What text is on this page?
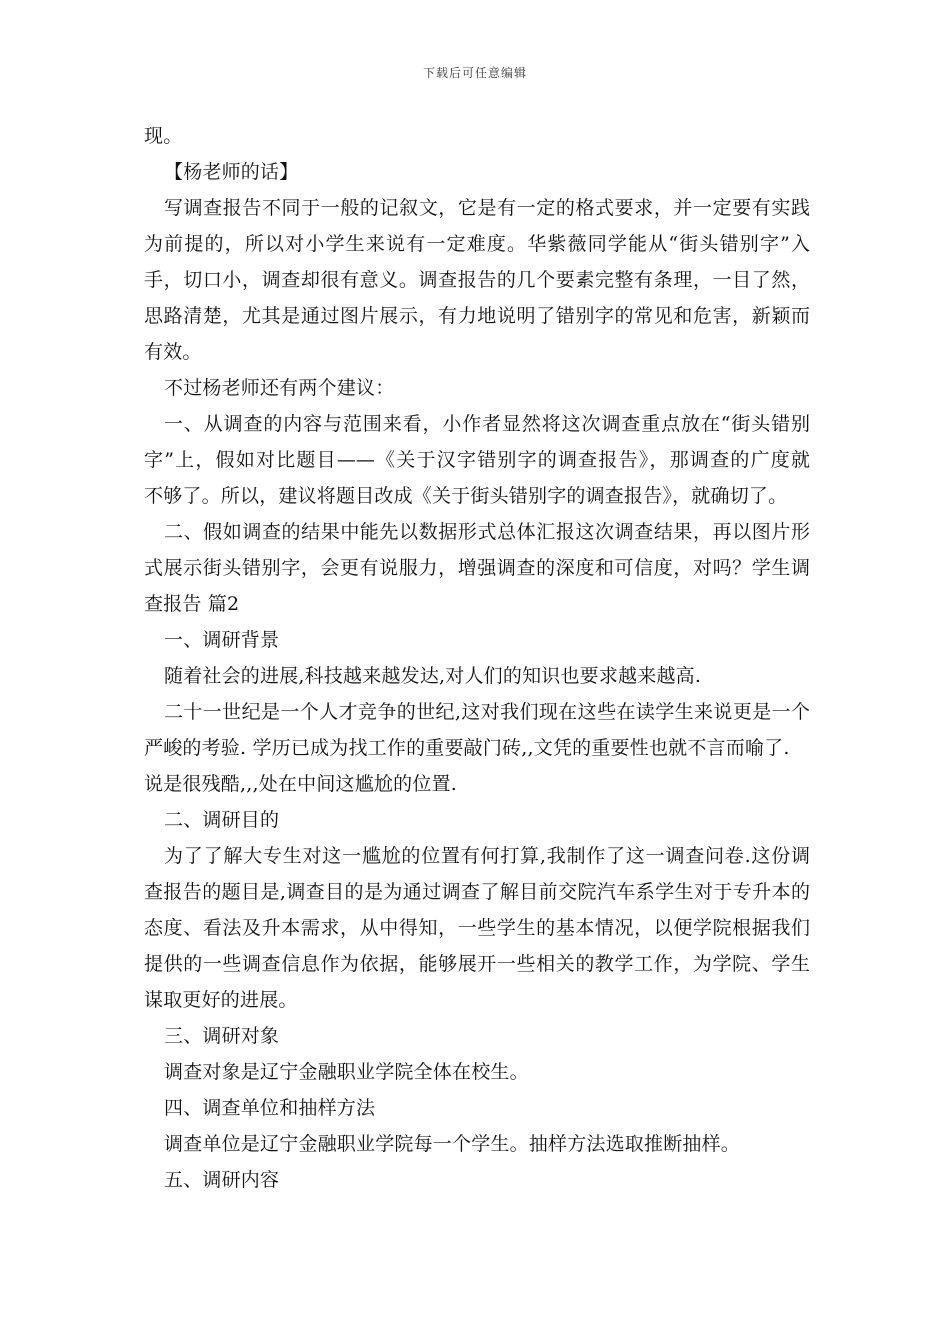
下载后可任意编辑
现。
【杨老师的话】
写调查报告不同于一般的记叙文，它是有一定的格式要求，并一定要有实践
为前提的，所以对小学生来说有一定难度。华紫薇同学能从“街头错别字”入
手，切口小，调查却很有意义。调查报告的几个要素完整有条理，一目了然，
思路清楚，尤其是通过图片展示，有力地说明了错别字的常见和危害，新颖而
有效。
不过杨老师还有两个建议：
一、从调查的内容与范围来看，小作者显然将这次调查重点放在“街头错别
字”上，假如对比题目——《关于汉字错别字的调查报告》，那调查的广度就
不够了。所以，建议将题目改成《关于街头错别字的调查报告》，就确切了。
二、假如调查的结果中能先以数据形式总体汇报这次调查结果，再以图片形
式展示街头错别字，会更有说服力，增强调查的深度和可信度，对吗？学生调
查报告 篇2
一、调研背景
随着社会的进展,科技越来越发达,对人们的知识也要求越来越高.
二十一世纪是一个人才竞争的世纪,这对我们现在这些在读学生来说更是一个
严峻的考验. 学历已成为找工作的重要敲门砖,,文凭的重要性也就不言而喻了.
说是很残酷,,,处在中间这尴尬的位置.
二、调研目的
为了了解大专生对这一尴尬的位置有何打算,我制作了这一调查问卷.这份调
查报告的题目是,调查目的是为通过调查了解目前交院汽车系学生对于专升本的
态度、看法及升本需求，从中得知，一些学生的基本情况，以便学院根据我们
提供的一些调查信息作为依据，能够展开一些相关的教学工作，为学院、学生
谋取更好的进展。
三、调研对象
调查对象是辽宁金融职业学院全体在校生。
四、调查单位和抽样方法
调查单位是辽宁金融职业学院每一个学生。抽样方法选取推断抽样。
五、调研内容
